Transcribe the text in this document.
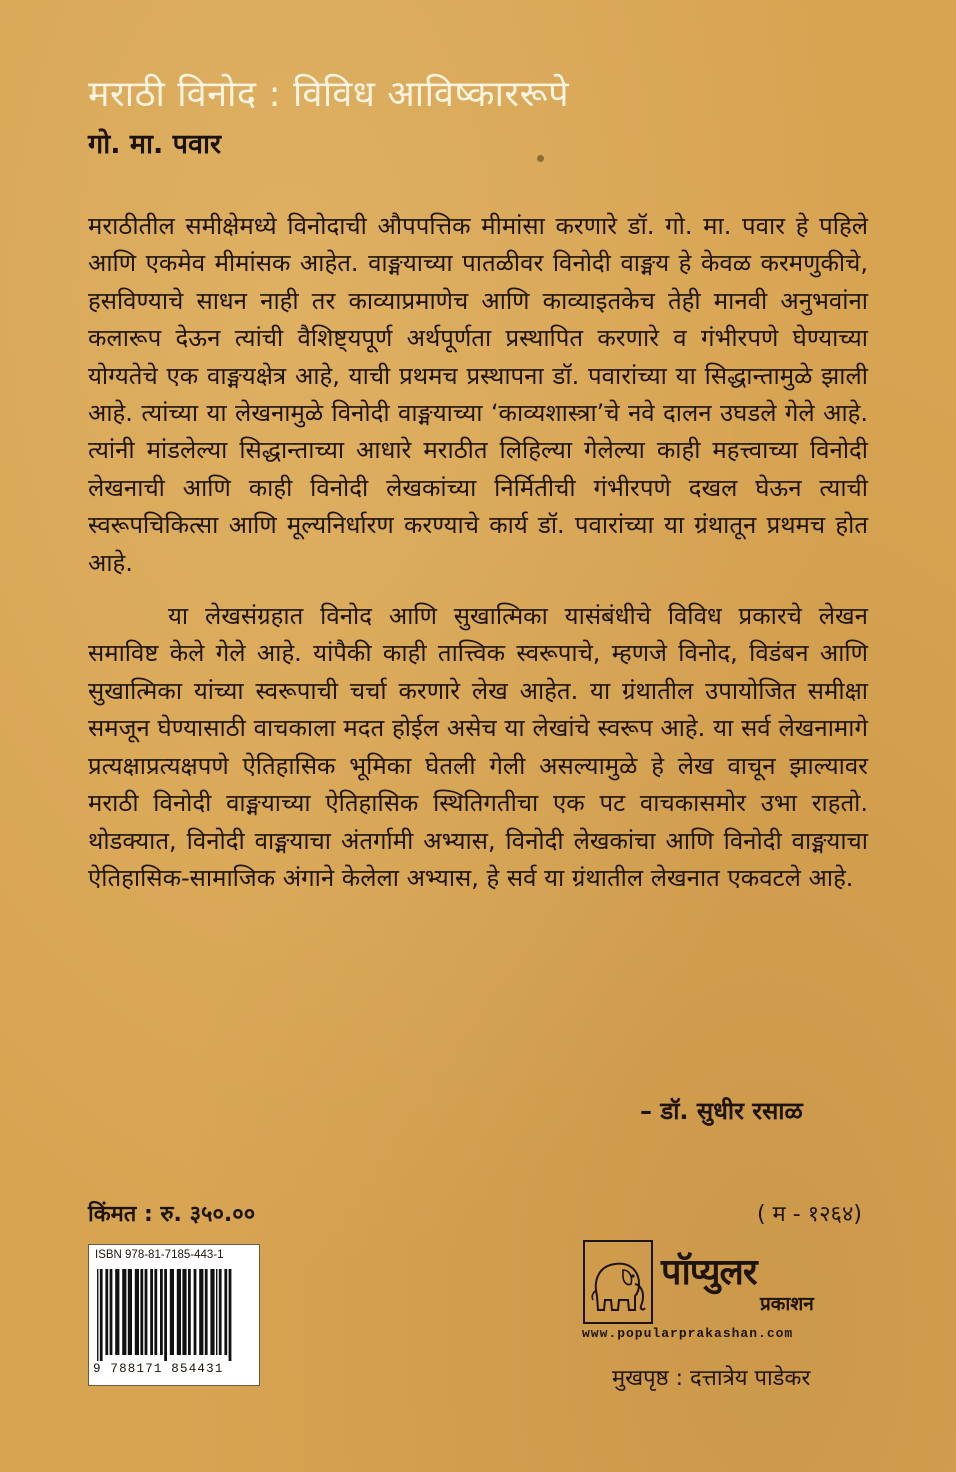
मराठी विनोद : विविध आविष्काररूपे
गो. मा. पवार

मराठीतील समीक्षेमध्ये विनोदाची औपपत्तिक मीमांसा करणारे डॉ. गो. मा. पवार हे पहिले आणि एकमेव मीमांसक आहेत. वाङ्मयाच्या पातळीवर विनोदी वाङ्मय हे केवळ करमणुकीचे, हसविण्याचे साधन नाही तर काव्याप्रमाणेच आणि काव्याइतकेच तेही मानवी अनुभवांना कलारूप देऊन त्यांची वैशिष्ट्यपूर्ण अर्थपूर्णता प्रस्थापित करणारे व गंभीरपणे घेण्याच्या योग्यतेचे एक वाङ्मयक्षेत्र आहे, याची प्रथमच प्रस्थापना डॉ. पवारांच्या या सिद्धान्तामुळे झाली आहे. त्यांच्या या लेखनामुळे विनोदी वाङ्मयाच्या ‘काव्यशास्त्रा’चे नवे दालन उघडले गेले आहे. त्यांनी मांडलेल्या सिद्धान्ताच्या आधारे मराठीत लिहिल्या गेलेल्या काही महत्त्वाच्या विनोदी लेखनाची आणि काही विनोदी लेखकांच्या निर्मितीची गंभीरपणे दखल घेऊन त्याची स्वरूपचिकित्सा आणि मूल्यनिर्धारण करण्याचे कार्य डॉ. पवारांच्या या ग्रंथातून प्रथमच होत आहे.

या लेखसंग्रहात विनोद आणि सुखात्मिका यासंबंधीचे विविध प्रकारचे लेखन समाविष्ट केले गेले आहे. यांपैकी काही तात्त्विक स्वरूपाचे, म्हणजे विनोद, विडंबन आणि सुखात्मिका यांच्या स्वरूपाची चर्चा करणारे लेख आहेत. या ग्रंथातील उपायोजित समीक्षा समजून घेण्यासाठी वाचकाला मदत होईल असेच या लेखांचे स्वरूप आहे. या सर्व लेखनामागे प्रत्यक्षाप्रत्यक्षपणे ऐतिहासिक भूमिका घेतली गेली असल्यामुळे हे लेख वाचून झाल्यावर मराठी विनोदी वाङ्मयाच्या ऐतिहासिक स्थितिगतीचा एक पट वाचकासमोर उभा राहतो. थोडक्यात, विनोदी वाङ्मयाचा अंतर्गामी अभ्यास, विनोदी लेखकांचा आणि विनोदी वाङ्मयाचा ऐतिहासिक-सामाजिक अंगाने केलेला अभ्यास, हे सर्व या ग्रंथातील लेखनात एकवटले आहे.

– डॉ. सुधीर रसाळ
किंमत : रु. ३५०.००	( म - १२६४)
ISBN 978-81-7185-443-1
9 788171 854431
पॉप्युलर
प्रकाशन
www.popularprakashan.com
मुखपृष्ठ : दत्तात्रेय पाडेकर
